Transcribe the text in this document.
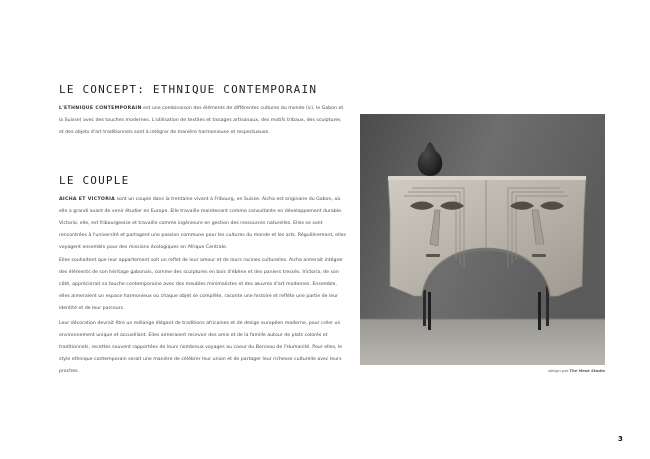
LE CONCEPT: ETHNIQUE CONTEMPORAIN

L'ETHNIQUE CONTEMPORAIN est une combinaison des éléments de différentes cultures du monde (ici, le Gabon et la Suisse) avec des touches modernes. L'utilisation de textiles et tissages artisanaux, des motifs tribaux, des sculptures et des objets d'art traditionnels sont à intégrer de manière harmonieuse et respectueuse.

LE COUPLE

AICHA ET VICTORIA sont un couple dans la trentaine vivant à Fribourg, en Suisse. Aicha est originaire du Gabon, où elle a grandi avant de venir étudier en Europe. Elle travaille maintenant comme consultante en développement durable. Victoria, elle, est fribourgeoise et travaille comme ingénieure en gestion des ressources naturelles. Elles se sont rencontrées à l'université et partagent une passion commune pour les cultures du monde et les arts. Régulièrement, elles voyagent ensemble pour des missions écologiques en Afrique Centrale.

Elles souhaitent que leur appartement soit un reflet de leur amour et de leurs racines culturelles. Aicha aimerait intégrer des éléments de son héritage gabonais, comme des sculptures en bois d'ébène et des paniers tressés. Victoria, de son côté, apprécierait sa touche contemporaine avec des meubles minimalistes et des œuvres d'art modernes. Ensemble, elles aimeraient un espace harmonieux où chaque objet se complète, raconte une histoire et reflète une partie de leur identité et de leur parcours.

Leur décoration devrait être un mélange élégant de traditions africaines et de design européen moderne, pour créer un environnement unique et accueillant. Elles aimeraient recevoir des amis et de la famille autour de plats colorés et traditionnels, recettes souvent rapportées de leurs nombreux voyages au coeur du Berceau de l'Humanité. Pour elles, le style ethnique contemporain serait une manière de célébrer leur union et de partager leur richesse culturelle avec leurs proches.	design par The Mesk Studio

3
